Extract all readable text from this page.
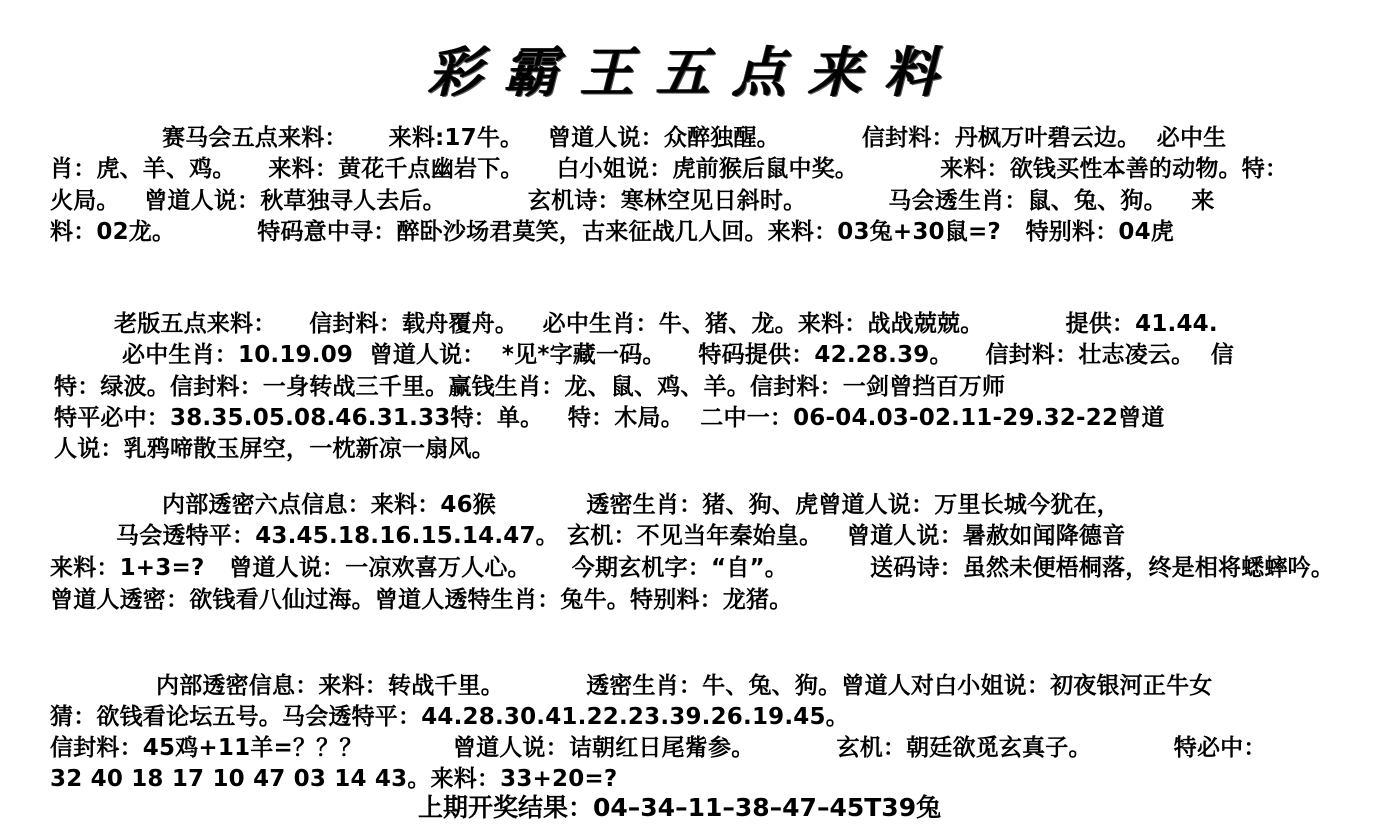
彩霸王五点来料
赛马会五点来料：     来料:17牛。   曾道人说：众醉独醒。          信封料：丹枫万叶碧云边。  必中生
肖：虎、羊、鸡。    来料：黄花千点幽岩下。    白小姐说：虎前猴后鼠中奖。          来料：欲钱买性本善的动物。特：
火局。   曾道人说：秋草独寻人去后。          玄机诗：寒林空见日斜时。          马会透生肖：鼠、兔、狗。   来
料：02龙。          特码意中寻：醉卧沙场君莫笑，古来征战几人回。来料：03兔+30鼠=?   特别料：04虎
老版五点来料：    信封料：载舟覆舟。   必中生肖：牛、猪、龙。来料：战战兢兢。          提供：41.44.
必中生肖：10.19.09  曾道人说：  *见*字藏一码。    特码提供：42.28.39。    信封料：壮志凌云。  信
特：绿波。信封料：一身转战三千里。赢钱生肖：龙、鼠、鸡、羊。信封料：一剑曾挡百万师
特平必中：38.35.05.08.46.31.33特：单。   特：木局。  二中一：06-04.03-02.11-29.32-22曾道
人说：乳鸦啼散玉屏空，一枕新凉一扇风。
内部透密六点信息：来料：46猴           透密生肖：猪、狗、虎曾道人说：万里长城今犹在，
马会透特平：43.45.18.16.15.14.47。 玄机：不见当年秦始皇。   曾道人说：暑赦如闻降德音
来料：1+3=?   曾道人说：一凉欢喜万人心。     今期玄机字：“自”。          送码诗：虽然未便梧桐落，终是相将蟋蟀吟。
曾道人透密：欲钱看八仙过海。曾道人透特生肖：兔牛。特别料：龙猪。
内部透密信息：来料：转战千里。          透密生肖：牛、兔、狗。曾道人对白小姐说：初夜银河正牛女
猜：欲钱看论坛五号。马会透特平：44.28.30.41.22.23.39.26.19.45。
信封料：45鸡+11羊=？？？           曾道人说：诘朝红日尾觜参。          玄机：朝廷欲觅玄真子。          特必中：
32 40 18 17 10 47 03 14 43。来料：33+20=?
上期开奖结果：04–34–11–38–47–45T39兔
